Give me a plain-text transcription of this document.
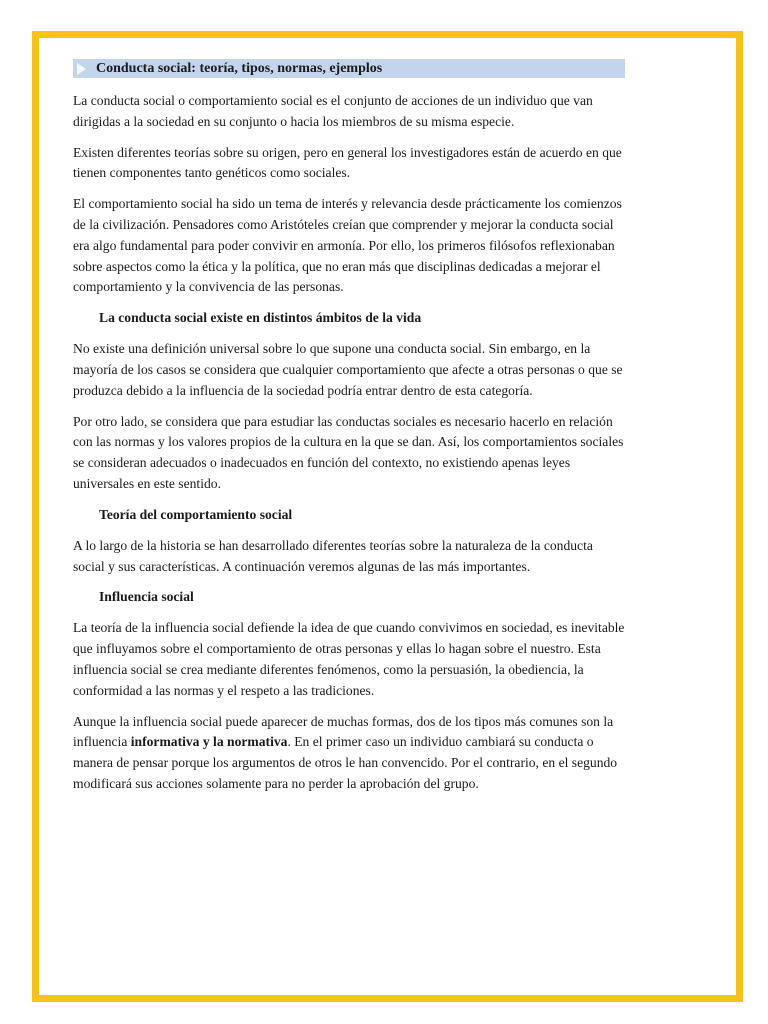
Conducta social: teoría, tipos, normas, ejemplos

La conducta social o comportamiento social es el conjunto de acciones de un individuo que van dirigidas a la sociedad en su conjunto o hacia los miembros de su misma especie.

Existen diferentes teorías sobre su origen, pero en general los investigadores están de acuerdo en que tienen componentes tanto genéticos como sociales.

El comportamiento social ha sido un tema de interés y relevancia desde prácticamente los comienzos de la civilización. Pensadores como Aristóteles creían que comprender y mejorar la conducta social era algo fundamental para poder convivir en armonía. Por ello, los primeros filósofos reflexionaban sobre aspectos como la ética y la política, que no eran más que disciplinas dedicadas a mejorar el comportamiento y la convivencia de las personas.

La conducta social existe en distintos ámbitos de la vida

No existe una definición universal sobre lo que supone una conducta social. Sin embargo, en la mayoría de los casos se considera que cualquier comportamiento que afecte a otras personas o que se produzca debido a la influencia de la sociedad podría entrar dentro de esta categoría.

Por otro lado, se considera que para estudiar las conductas sociales es necesario hacerlo en relación con las normas y los valores propios de la cultura en la que se dan. Así, los comportamientos sociales se consideran adecuados o inadecuados en función del contexto, no existiendo apenas leyes universales en este sentido.

Teoría del comportamiento social

A lo largo de la historia se han desarrollado diferentes teorías sobre la naturaleza de la conducta social y sus características. A continuación veremos algunas de las más importantes.

Influencia social

La teoría de la influencia social defiende la idea de que cuando convivimos en sociedad, es inevitable que influyamos sobre el comportamiento de otras personas y ellas lo hagan sobre el nuestro. Esta influencia social se crea mediante diferentes fenómenos, como la persuasión, la obediencia, la conformidad a las normas y el respeto a las tradiciones.

Aunque la influencia social puede aparecer de muchas formas, dos de los tipos más comunes son la influencia informativa y la normativa. En el primer caso un individuo cambiará su conducta o manera de pensar porque los argumentos de otros le han convencido. Por el contrario, en el segundo modificará sus acciones solamente para no perder la aprobación del grupo.
